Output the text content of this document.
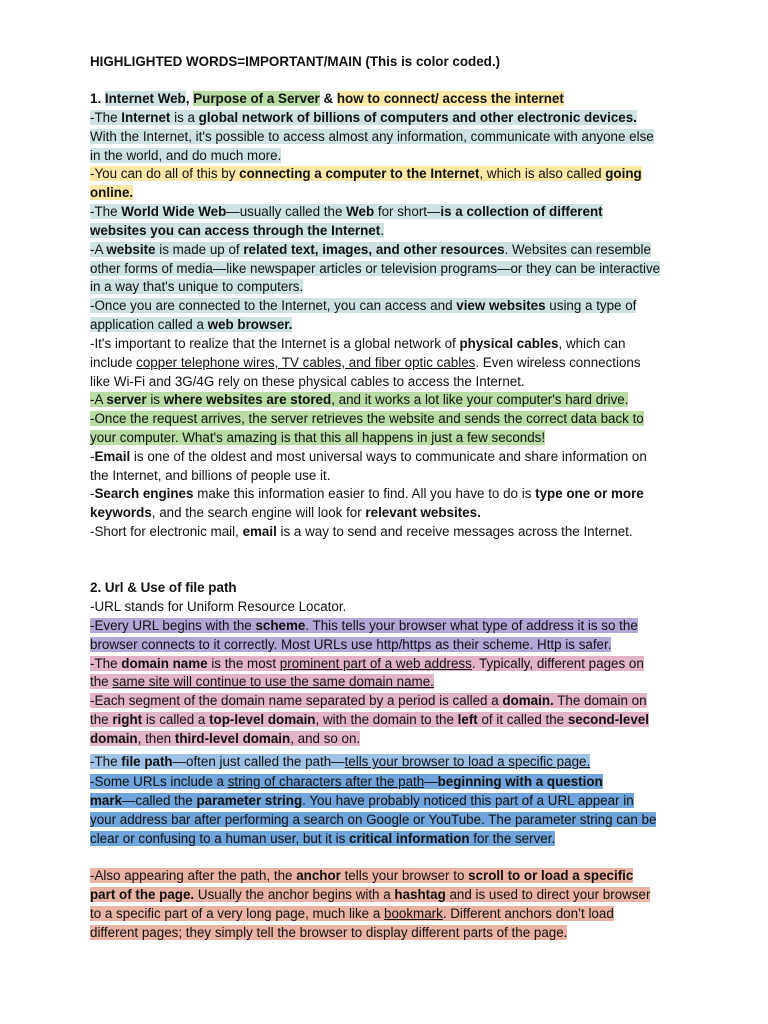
HIGHLIGHTED WORDS=IMPORTANT/MAIN (This is color coded.)
1. Internet Web, Purpose of a Server & how to connect/ access the internet
-The Internet is a global network of billions of computers and other electronic devices.
With the Internet, it's possible to access almost any information, communicate with anyone else
in the world, and do much more.
-You can do all of this by connecting a computer to the Internet, which is also called going
online.
-The World Wide Web—usually called the Web for short—is a collection of different
websites you can access through the Internet.
-A website is made up of related text, images, and other resources. Websites can resemble
other forms of media—like newspaper articles or television programs—or they can be interactive
in a way that's unique to computers.
-Once you are connected to the Internet, you can access and view websites using a type of
application called a web browser.
-It's important to realize that the Internet is a global network of physical cables, which can
include copper telephone wires, TV cables, and fiber optic cables. Even wireless connections
like Wi-Fi and 3G/4G rely on these physical cables to access the Internet.
-A server is where websites are stored, and it works a lot like your computer's hard drive.
-Once the request arrives, the server retrieves the website and sends the correct data back to
your computer. What's amazing is that this all happens in just a few seconds!
-Email is one of the oldest and most universal ways to communicate and share information on
the Internet, and billions of people use it.
-Search engines make this information easier to find. All you have to do is type one or more
keywords, and the search engine will look for relevant websites.
-Short for electronic mail, email is a way to send and receive messages across the Internet.
2. Url & Use of file path
-URL stands for Uniform Resource Locator.
-Every URL begins with the scheme. This tells your browser what type of address it is so the
browser connects to it correctly. Most URLs use http/https as their scheme. Http is safer.
-The domain name is the most prominent part of a web address. Typically, different pages on
the same site will continue to use the same domain name.
-Each segment of the domain name separated by a period is called a domain. The domain on
the right is called a top-level domain, with the domain to the left of it called the second-level
domain, then third-level domain, and so on.
-The file path—often just called the path—tells your browser to load a specific page.
-Some URLs include a string of characters after the path—beginning with a question
mark—called the parameter string. You have probably noticed this part of a URL appear in
your address bar after performing a search on Google or YouTube. The parameter string can be
clear or confusing to a human user, but it is critical information for the server.
-Also appearing after the path, the anchor tells your browser to scroll to or load a specific
part of the page. Usually the anchor begins with a hashtag and is used to direct your browser
to a specific part of a very long page, much like a bookmark. Different anchors don’t load
different pages; they simply tell the browser to display different parts of the page.
